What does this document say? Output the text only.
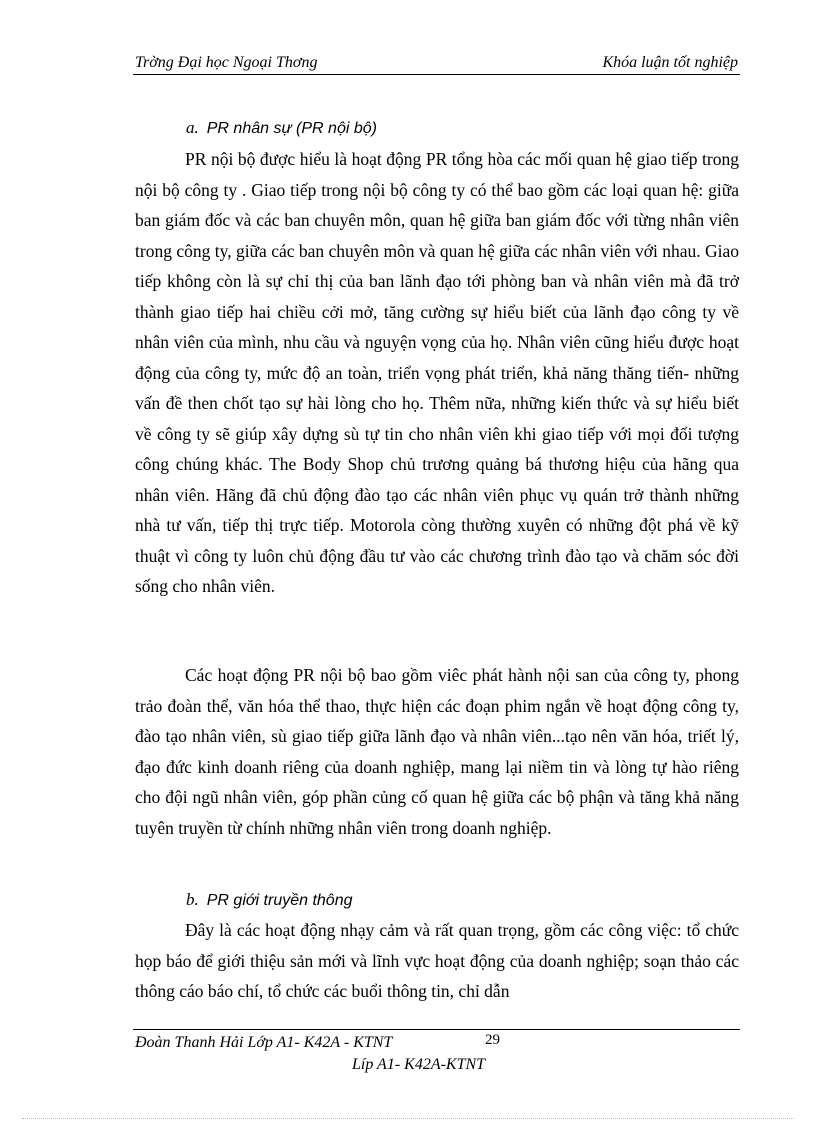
Trờng Đại học Ngoại Thơng	Khóa luận tốt nghiệp
a. PR nhân sự (PR nội bộ)

PR nội bộ được hiểu là hoạt động PR tổng hòa các mối quan hệ giao tiếp trong nội bộ công ty . Giao tiếp trong nội bộ công ty có thể bao gồm các loại quan hệ: giữa ban giám đốc và các ban chuyên môn, quan hệ giữa ban giám đốc với từng nhân viên trong công ty, giữa các ban chuyên môn và quan hệ giữa các nhân viên với nhau. Giao tiếp không còn là sự chỉ thị của ban lãnh đạo tới phòng ban và nhân viên mà đã trở thành giao tiếp hai chiều cởi mở, tăng cường sự hiểu biết của lãnh đạo công ty về nhân viên của mình, nhu cầu và nguyện vọng của họ. Nhân viên cũng hiểu được hoạt động của công ty, mức độ an toàn, triển vọng phát triển, khả năng thăng tiến- những vấn đề then chốt tạo sự hài lòng cho họ. Thêm nữa, những kiến thức và sự hiểu biết về công ty sẽ giúp xây dựng sù tự tin cho nhân viên khi giao tiếp với mọi đối tượng công chúng khác. The Body Shop chủ trương quảng bá thương hiệu của hãng qua nhân viên. Hãng đã chủ động đào tạo các nhân viên phục vụ quán trở thành những nhà tư vấn, tiếp thị trực tiếp. Motorola còng thường xuyên có những đột phá về kỹ thuật vì công ty luôn chủ động đầu tư vào các chương trình đào tạo và chăm sóc đời sống cho nhân viên.

Các hoạt động PR nội bộ bao gồm viêc phát hành nội san của công ty, phong trảo đoàn thể, văn hóa thể thao, thực hiện các đoạn phim ngắn về hoạt động công ty, đào tạo nhân viên, sù giao tiếp giữa lãnh đạo và nhân viên...tạo nên văn hóa, triết lý, đạo đức kinh doanh riêng của doanh nghiệp, mang lại niềm tin và lòng tự hào riêng cho đội ngũ nhân viên, góp phần củng cố quan hệ giữa các bộ phận và tăng khả năng tuyên truyền từ chính những nhân viên trong doanh nghiệp.

b. PR giới truyền thông

Đây là các hoạt động nhạy cảm và rất quan trọng, gồm các công việc: tổ chức họp báo để giới thiệu sản mới và lĩnh vực hoạt động của doanh nghiệp; soạn thảo các thông cáo báo chí, tổ chức các buổi thông tin, chỉ dẫn

Đoàn Thanh Hải Lớp A1- K42A - KTNT	29
Líp A1- K42A-KTNT
